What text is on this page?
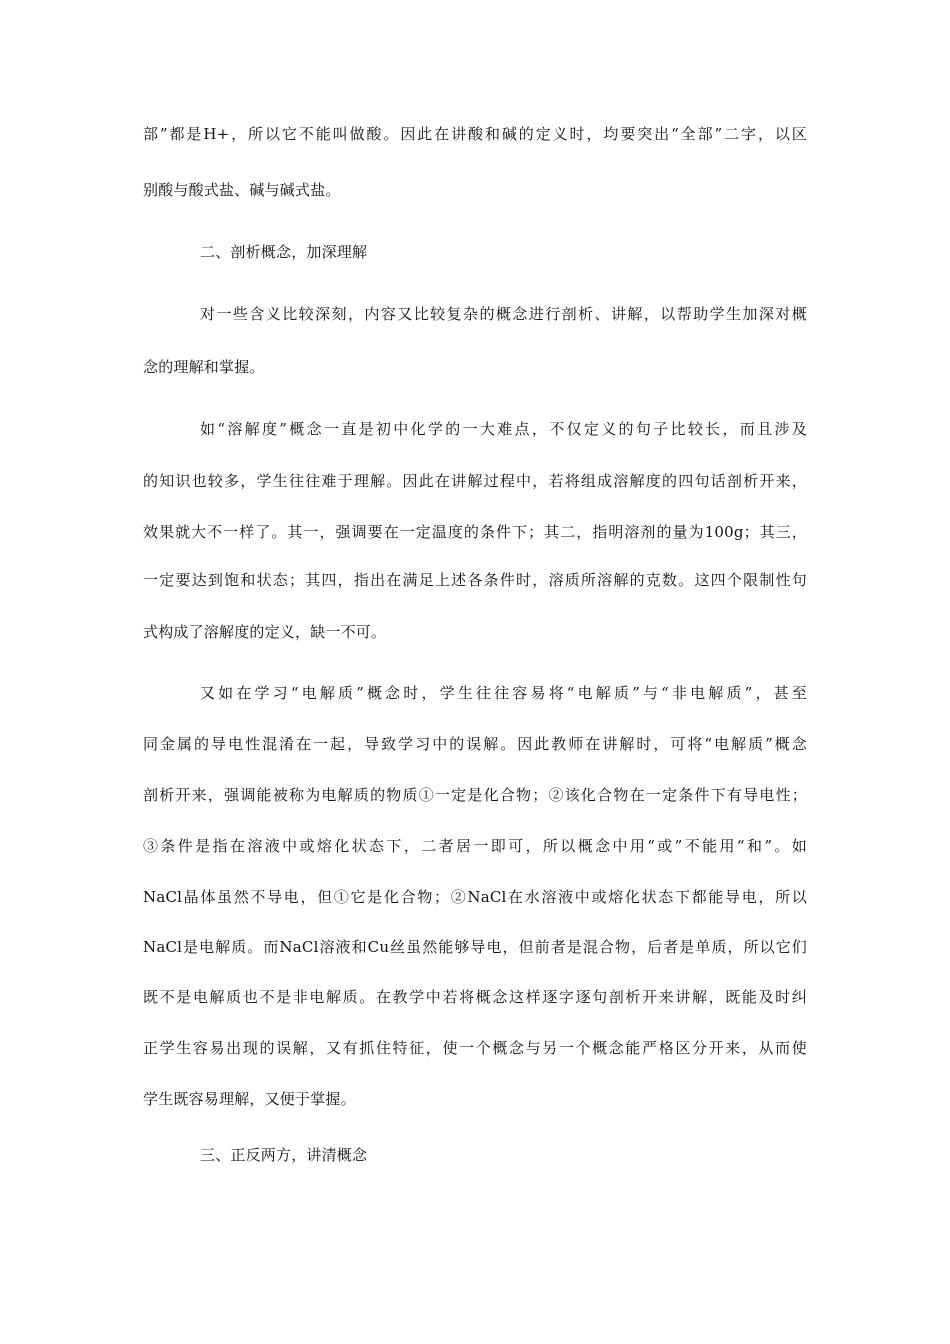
部”都是H+，所以它不能叫做酸。因此在讲酸和碱的定义时，均要突出“全部”二字，以区
别酸与酸式盐、碱与碱式盐。
二、剖析概念，加深理解
对一些含义比较深刻，内容又比较复杂的概念进行剖析、讲解，以帮助学生加深对概
念的理解和掌握。
如“溶解度”概念一直是初中化学的一大难点，不仅定义的句子比较长，而且涉及
的知识也较多，学生往往难于理解。因此在讲解过程中，若将组成溶解度的四句话剖析开来，
效果就大不一样了。其一，强调要在一定温度的条件下；其二，指明溶剂的量为100g；其三，
一定要达到饱和状态；其四，指出在满足上述各条件时，溶质所溶解的克数。这四个限制性句
式构成了溶解度的定义，缺一不可。
又如在学习“电解质”概念时，学生往往容易将“电解质”与“非电解质”，甚至
同金属的导电性混淆在一起，导致学习中的误解。因此教师在讲解时，可将“电解质”概念
剖析开来，强调能被称为电解质的物质①一定是化合物；②该化合物在一定条件下有导电性；
③条件是指在溶液中或熔化状态下，二者居一即可，所以概念中用“或”不能用“和”。如
NaCl晶体虽然不导电，但①它是化合物；②NaCl在水溶液中或熔化状态下都能导电，所以
NaCl是电解质。而NaCl溶液和Cu丝虽然能够导电，但前者是混合物，后者是单质，所以它们
既不是电解质也不是非电解质。在教学中若将概念这样逐字逐句剖析开来讲解，既能及时纠
正学生容易出现的误解，又有抓住特征，使一个概念与另一个概念能严格区分开来，从而使
学生既容易理解，又便于掌握。
三、正反两方，讲清概念
